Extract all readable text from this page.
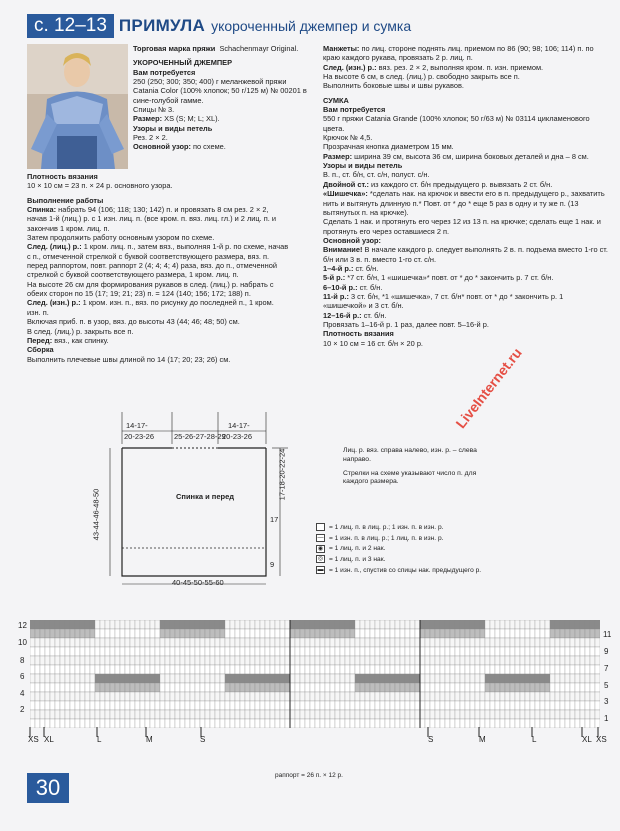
с. 12–13 ПРИМУЛА укороченный джемпер и сумка

Торговая марка пряжи Schachenmayr Original.

УКОРОЧЕННЫЙ ДЖЕМПЕР

Вам потребуется

250 (250; 300; 350; 400) г меланжевой пряжи Catania Color (100% хлопок; 50 г/125 м) № 00201 в сине-голубой гамме.

Спицы № 3.

Размер: XS (S; M; L; XL).

Узоры и виды петель

Рез. 2 × 2.

Основной узор: по схеме.

Плотность вязания

10 × 10 см = 23 п. × 24 р. основного узора.

Выполнение работы

Спинка: набрать 94 (106; 118; 130; 142) п. и провязать 8 см рез. 2 × 2, начав 1-й (лиц.) р. с 1 изн. лиц. п. (все кром. п. вяз. лиц. гл.) и 2 лиц. п. и закончив 1 кром. лиц. п.

Затем продолжить работу основным узором по схеме.

След. (лиц.) р.: 1 кром. лиц. п., затем вяз., выполняя 1-й р. по схеме, начав с п., отмеченной стрелкой с буквой соответствующего размера, вяз. п. перед раппортом, повт. раппорт 2 (4; 4; 4; 4) раза, вяз. до п., отмеченной стрелкой с буквой соответствующего размера, 1 кром. лиц. п.

На высоте 26 см для формирования рукавов в след. (лиц.) р. набрать с обеих сторон по 15 (17; 19; 21; 23) п. = 124 (140; 156; 172; 188) п.

След. (изн.) р.: 1 кром. изн. п., вяз. по рисунку до последней п., 1 кром. изн. п.

Включая приб. п. в узор, вяз. до высоты 43 (44; 46; 48; 50) см.

В след. (лиц.) р. закрыть все п.

Перед: вяз., как спинку.

Сборка

Выполнить плечевые швы длиной по 14 (17; 20; 23; 26) см.

Манжеты: по лиц. стороне поднять лиц. приемом по 86 (90; 98; 106; 114) п. по краю каждого рукава, провязать 2 р. лиц. п.

След. (изн.) р.: вяз. рез. 2 × 2, выполняя кром. п. изн. приемом.

На высоте 6 см, в след. (лиц.) р. свободно закрыть все п.

Выполнить боковые швы и швы рукавов.

СУМКА

Вам потребуется

550 г пряжи Catania Grande (100% хлопок; 50 г/63 м) № 03114 цикламенового цвета.

Крючок № 4,5.

Прозрачная кнопка диаметром 15 мм.

Размер: ширина 39 см, высота 36 см, ширина боковых деталей и дна – 8 см.

Узоры и виды петель

В. п., ст. б/н, ст. с/н, полуст. с/н.

Двойной ст.: из каждого ст. б/н предыдущего р. вывязать 2 ст. б/н.

«Шишечка»: *сделать нак. на крючок и ввести его в п. предыдущего р., захватить нить и вытянуть длинную п.* Повт. от * до * еще 5 раз в одну и ту же п. (13 вытянутых п. на крючке).

Сделать 1 нак. и протянуть его через 12 из 13 п. на крючке; сделать еще 1 нак. и протянуть его через оставшиеся 2 п.

Основной узор:

Внимание! В начале каждого р. следует выполнять 2 в. п. подъема вместо 1-го ст. б/н или 3 в. п. вместо 1-го ст. с/н.

1–4-й р.: ст. б/н.

5-й р.: *7 ст. б/н, 1 «шишечка»* повт. от * до * закончить р. 7 ст. б/н.

6–10-й р.: ст. б/н.

11-й р.: 3 ст. б/н, *1 «шишечка», 7 ст. б/н* повт. от * до * закончить р. 1 «шишечкой» и 3 ст. б/н.

12–16-й р.: ст. б/н.

Провязать 1–16-й р. 1 раз, далее повт. 5–16-й р.

Плотность вязания

10 × 10 см = 16 ст. б/н × 20 р.

LiveInternet.ru
14-17-
20-23-26	25-26-27-28-29
14-17-
20-23-26
Спинка и перед
43-44-46-48-50
17-18-20-22-24
17
9
40-45-50-55-60

Лиц. р. вяз. справа налево, изн. р. – слева направо.

Стрелки на схеме указывают число п. для каждого размера.

= 1 лиц. п. в лиц. р.; 1 изн. п. в изн. р.
— = 1 изн. п. в лиц. р.; 1 лиц. п. в изн. р.
◉ = 1 лиц. п. и 2 нак.
◎ = 1 лиц. п. и 3 нак.
▬ = 1 изн. п., спустив со спицы нак. предыдущего р.
12
10
8
6
4
2
11
9
7
5
3
1
XS XL	L	M	S	S	M	L	XL XS
раппорт = 26 п. × 12 р.
30
